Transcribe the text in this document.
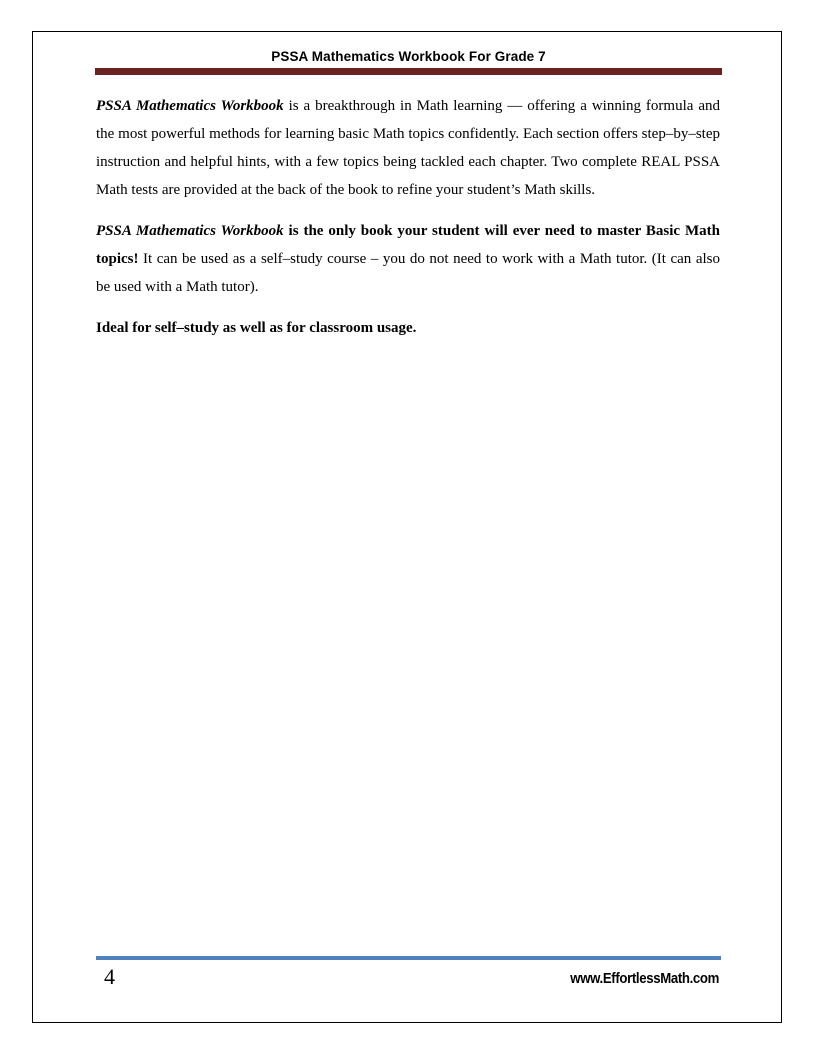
PSSA Mathematics Workbook For Grade 7

PSSA Mathematics Workbook is a breakthrough in Math learning — offering a winning formula and the most powerful methods for learning basic Math topics confidently. Each section offers step–by–step instruction and helpful hints, with a few topics being tackled each chapter. Two complete REAL PSSA Math tests are provided at the back of the book to refine your student’s Math skills.

PSSA Mathematics Workbook is the only book your student will ever need to master Basic Math topics! It can be used as a self–study course – you do not need to work with a Math tutor. (It can also be used with a Math tutor).

Ideal for self–study as well as for classroom usage.

4	www.EffortlessMath.com
